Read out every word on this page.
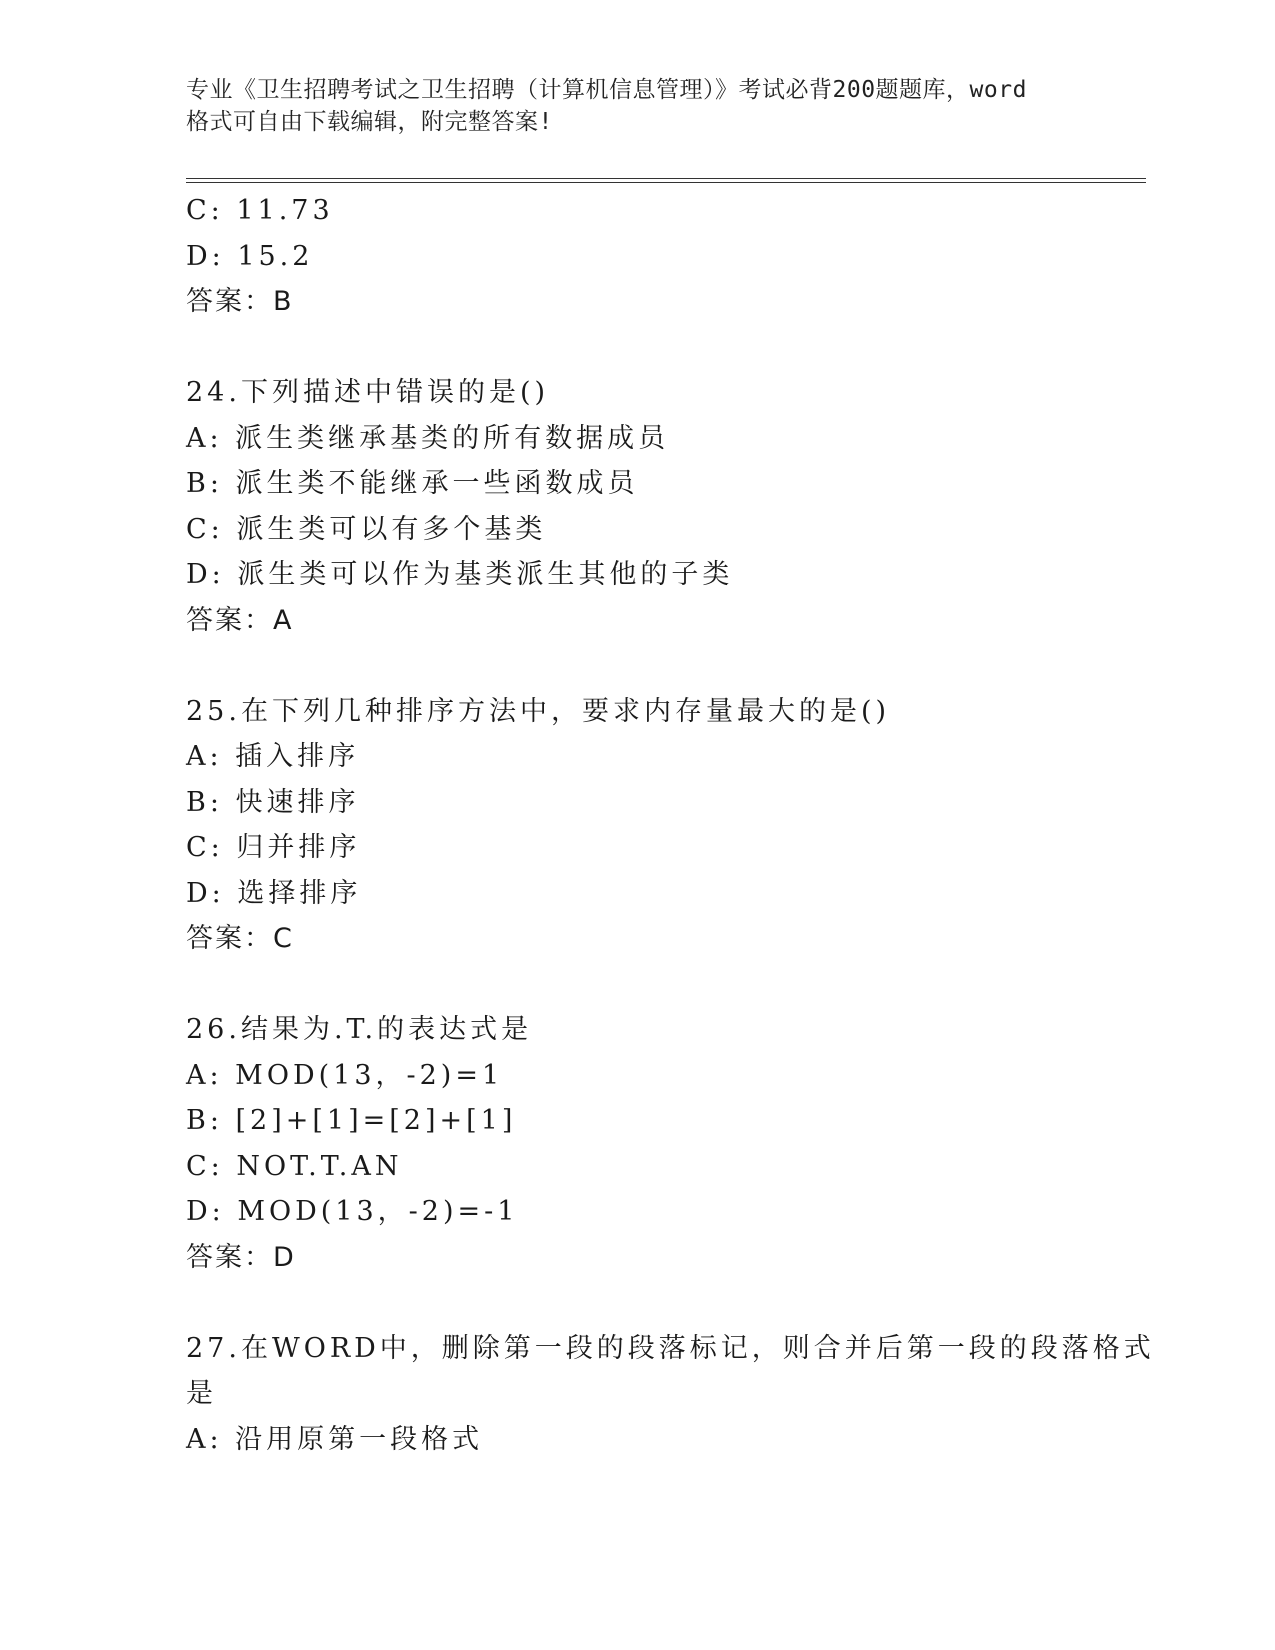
专业《卫生招聘考试之卫生招聘（计算机信息管理）》考试必背200题题库，word
格式可自由下载编辑，附完整答案!
C: 11.73
D: 15.2
答案：B
24.下列描述中错误的是()
A: 派生类继承基类的所有数据成员
B: 派生类不能继承一些函数成员
C: 派生类可以有多个基类
D: 派生类可以作为基类派生其他的子类
答案：A
25.在下列几种排序方法中，要求内存量最大的是()
A: 插入排序
B: 快速排序
C: 归并排序
D: 选择排序
答案：C
26.结果为.T.的表达式是
A: MOD(13，-2)=1
B: [2]+[1]=[2]+[1]
C: NOT.T.AN
D: MOD(13，-2)=-1
答案：D
27.在WORD中，删除第一段的段落标记，则合并后第一段的段落格式
是
A: 沿用原第一段格式
